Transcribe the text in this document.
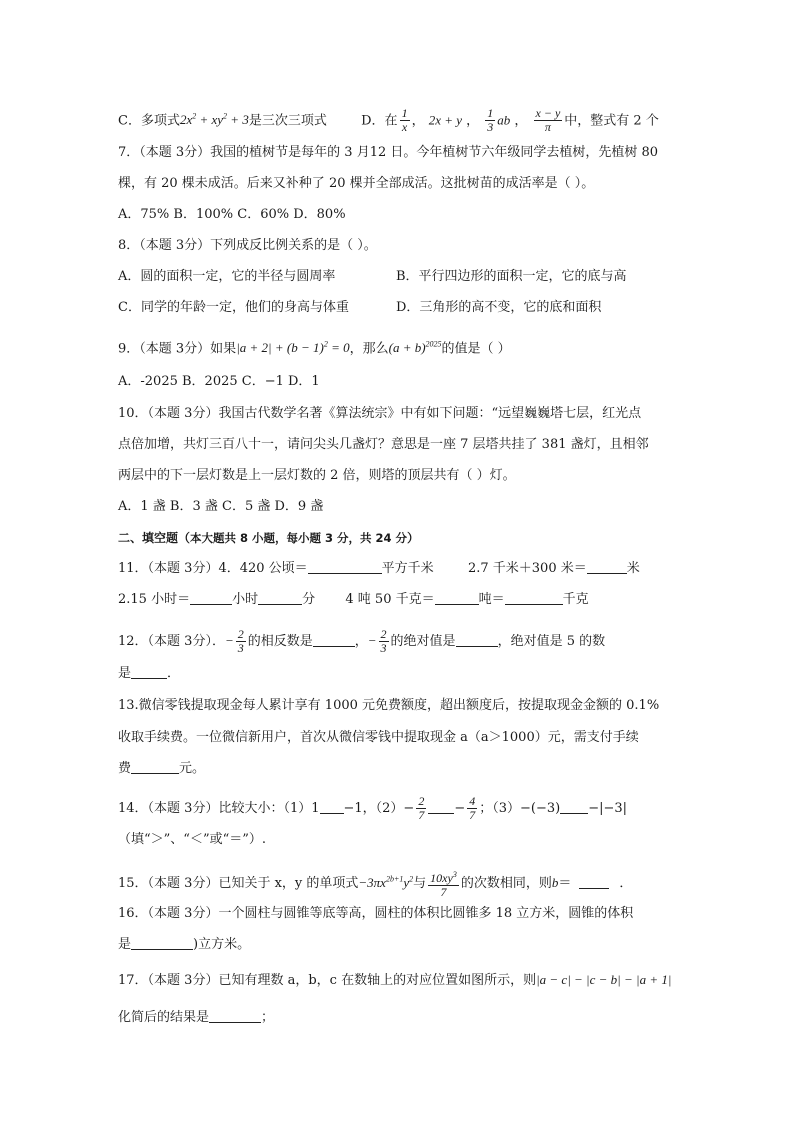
C．多项式$2x^2 + xy^2 + 3$是三次三项式	D．在 $\frac{1}{x}$ ， 2x + y ， $\frac{1}{3}$ ab ， $\frac{x - y}{\pi}$ 中，整式有 2 个
7．（本题 3分）我国的植树节是每年的 3 月12 日。今年植树节六年级同学去植树，先植树 80
棵，有 20 棵未成活。后来又补种了 20 棵并全部成活。这批树苗的成活率是（ ）。
A．75% B．100% C．60% D．80%
8．（本题 3分）下列成反比例关系的是（ ）。
A．圆的面积一定，它的半径与圆周率	B．平行四边形的面积一定，它的底与高
C．同学的年龄一定，他们的身高与体重	D．三角形的高不变，它的底和面积
9．（本题 3分）如果$|a + 2| + (b - 1)^2 = 0$，那么$(a + b)^{2025}$的值是（ ）
A．-2025 B．2025 C．−1 D．1
10．（本题 3分）我国古代数学名著《算法统宗》中有如下问题：“远望巍巍塔七层，红光点
点倍加增，共灯三百八十一，请问尖头几盏灯？意思是一座 7 层塔共挂了 381 盏灯，且相邻
两层中的下一层灯数是上一层灯数的 2 倍，则塔的顶层共有（ ）灯。
A．1 盏 B．3 盏 C．5 盏 D．9 盏
二、填空题（本大题共 8 小题，每小题 3 分，共 24 分）
11．（本题 3分）4．420 公顷＝	平方千米	2.7 千米＋300 米＝	米
2.15 小时＝	小时	分 4 吨 50 千克＝	吨＝	千克
12．（本题 3分）．− $\frac{2}{3}$ 的相反数是	，− $\frac{2}{3}$ 的绝对值是	，绝对值是 5 的数
是	．
13.微信零钱提取现金每人累计享有 1000 元免费额度，超出额度后，按提取现金金额的 0.1%
收取手续费。一位微信新用户，首次从微信零钱中提取现金 a（a＞1000）元，需支付手续
费	元。
14．（本题 3分）比较大小：（1）1 −1，$(2)- \frac{2}{7} - \frac{4}{7}$ ；（3）−(−3) −|−3|
（填“＞”、“＜”或“＝”）.
15．（本题 3分）已知关于 x，y 的单项式$-3\pi x^{2b+1}y^2$与 $\frac{10xy^3}{7}$ 的次数相同，则b＝	．
16．（本题 3分）一个圆柱与圆锥等底等高，圆柱的体积比圆锥多 18 立方米，圆锥的体积
是	)立方米。
17．（本题 3分）已知有理数 a，b，c 在数轴上的对应位置如图所示，则|a − c| − |c − b| − |a + 1|
化简后的结果是	；
